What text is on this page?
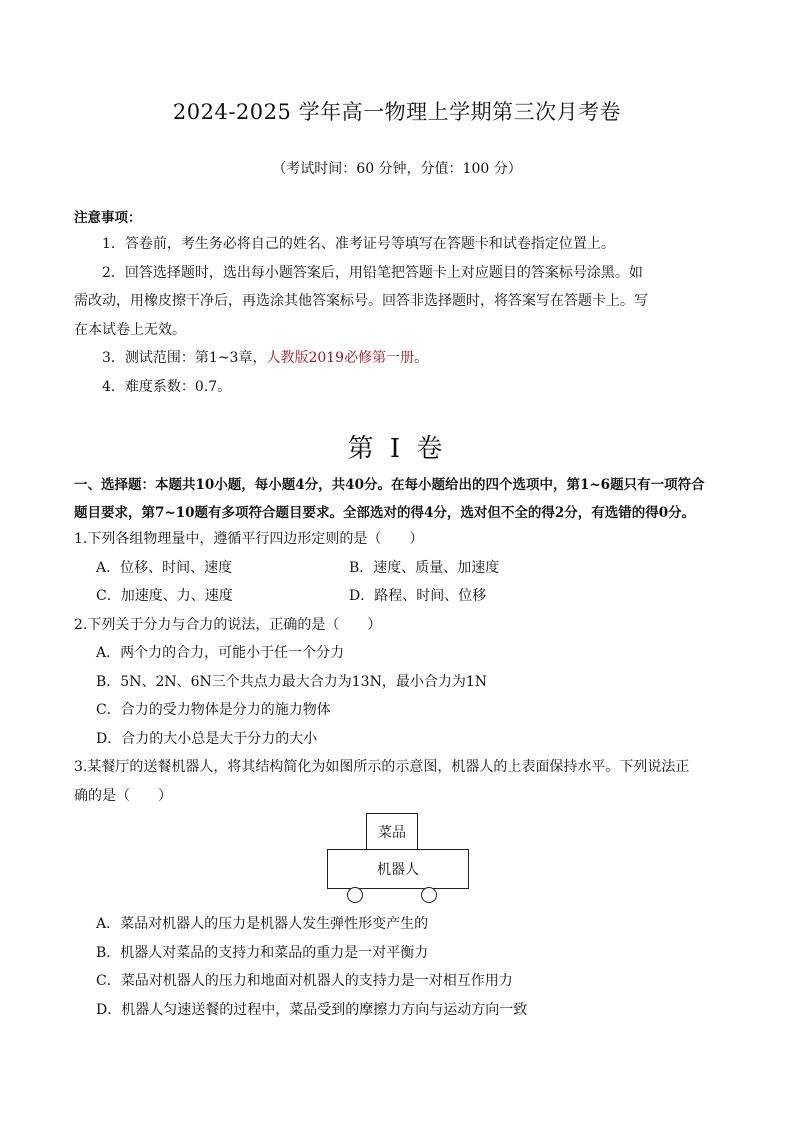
2024-2025 学年高一物理上学期第三次月考卷
（考试时间：60 分钟，分值：100 分）
注意事项：
1．答卷前，考生务必将自己的姓名、准考证号等填写在答题卡和试卷指定位置上。
2．回答选择题时，选出每小题答案后，用铅笔把答题卡上对应题目的答案标号涂黑。如
需改动，用橡皮擦干净后，再选涂其他答案标号。回答非选择题时，将答案写在答题卡上。写
在本试卷上无效。
3．测试范围：第1~3章，人教版2019必修第一册。
4．难度系数：0.7。
第 I 卷
一、选择题：本题共10小题，每小题4分，共40分。在每小题给出的四个选项中，第1~6题只有一项符合
题目要求，第7~10题有多项符合题目要求。全部选对的得4分，选对但不全的得2分，有选错的得0分。
1.下列各组物理量中，遵循平行四边形定则的是（　　）
A．位移、时间、速度	B．速度、质量、加速度
C．加速度、力、速度	D．路程、时间、位移
2.下列关于分力与合力的说法，正确的是（　　）
A．两个力的合力，可能小于任一个分力
B．5N、2N、6N三个共点力最大合力为13N，最小合力为1N
C．合力的受力物体是分力的施力物体
D．合力的大小总是大于分力的大小
3.某餐厅的送餐机器人，将其结构简化为如图所示的示意图，机器人的上表面保持水平。下列说法正
确的是（　　）
菜品
机器人
A．菜品对机器人的压力是机器人发生弹性形变产生的
B．机器人对菜品的支持力和菜品的重力是一对平衡力
C．菜品对机器人的压力和地面对机器人的支持力是一对相互作用力
D．机器人匀速送餐的过程中，菜品受到的摩擦力方向与运动方向一致
